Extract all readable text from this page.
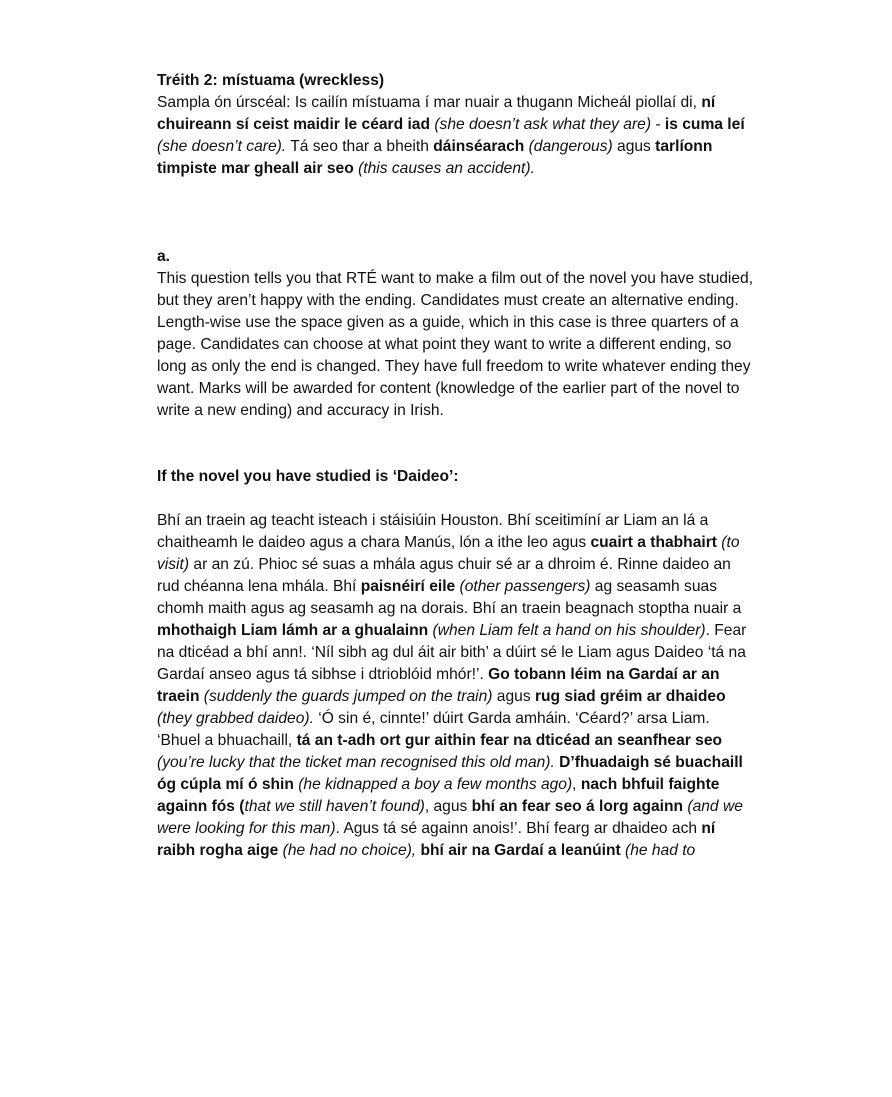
Tréith 2: místuama (wreckless)

Sampla ón úrscéal: Is cailín místuama í mar nuair a thugann Micheál piollaí di, ní chuireann sí ceist maidir le céard iad (she doesn’t ask what they are) - is cuma leí (she doesn’t care). Tá seo thar a bheith dáinséarach (dangerous) agus tarlíonn timpiste mar gheall air seo (this causes an accident).

a.

This question tells you that RTÉ want to make a film out of the novel you have studied, but they aren’t happy with the ending. Candidates must create an alternative ending. Length-wise use the space given as a guide, which in this case is three quarters of a page. Candidates can choose at what point they want to write a different ending, so long as only the end is changed. They have full freedom to write whatever ending they want. Marks will be awarded for content (knowledge of the earlier part of the novel to write a new ending) and accuracy in Irish.

If the novel you have studied is ‘Daideo’:

Bhí an traein ag teacht isteach i stáisiúin Houston. Bhí sceitimíní ar Liam an lá a chaitheamh le daideo agus a chara Manús, lón a ithe leo agus cuairt a thabhairt (to visit) ar an zú. Phioc sé suas a mhála agus chuir sé ar a dhroim é. Rinne daideo an rud chéanna lena mhála. Bhí paisnéirí eile (other passengers) ag seasamh suas chomh maith agus ag seasamh ag na dorais. Bhí an traein beagnach stoptha nuair a mhothaigh Liam lámh ar a ghualainn (when Liam felt a hand on his shoulder). Fear na dticéad a bhí ann!. ‘Níl sibh ag dul áit air bith’ a dúirt sé le Liam agus Daideo ‘tá na Gardaí anseo agus tá sibhse i dtrioblóid mhór!’. Go tobann léim na Gardaí ar an traein (suddenly the guards jumped on the train) agus rug siad gréim ar dhaideo (they grabbed daideo). ‘Ó sin é, cinnte!’ dúirt Garda amháin. ‘Céard?’ arsa Liam. ‘Bhuel a bhuachaill, tá an t-adh ort gur aithin fear na dticéad an seanfhear seo (you’re lucky that the ticket man recognised this old man). D’fhuadaigh sé buachaill óg cúpla mí ó shin (he kidnapped a boy a few months ago), nach bhfuil faighte againn fós (that we still haven’t found), agus bhí an fear seo á lorg againn (and we were looking for this man). Agus tá sé againn anois!’. Bhí fearg ar dhaideo ach ní raibh rogha aige (he had no choice), bhí air na Gardaí a leanúint (he had to
